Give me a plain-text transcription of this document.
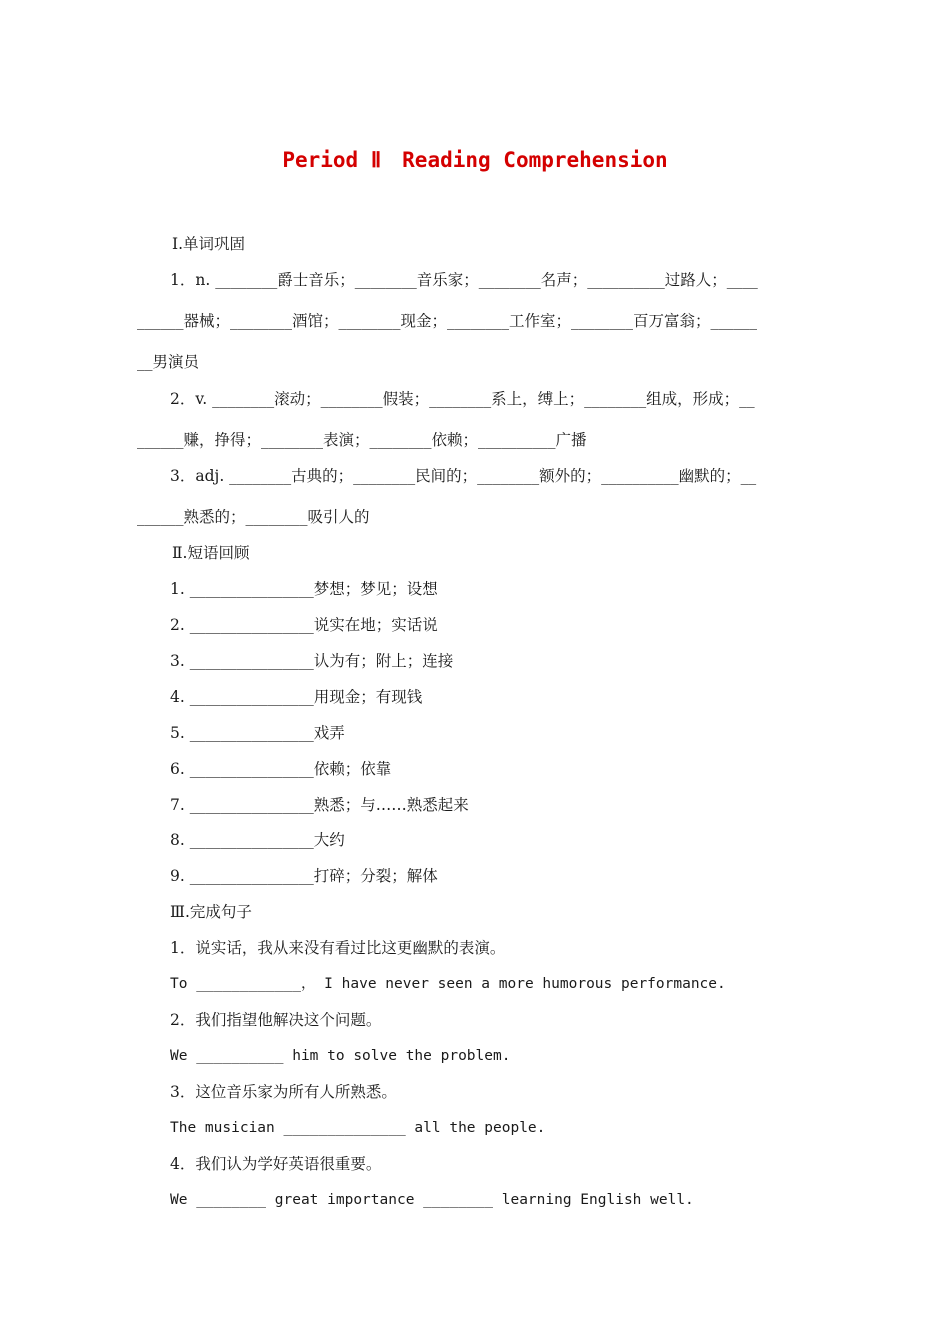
Period Ⅱ　Reading Comprehension
Ⅰ.单词巩固
1．n. ________爵士音乐；________音乐家；________名声；__________过路人；____
______器械；________酒馆；________现金；________工作室；________百万富翁；______
__男演员
2．v. ________滚动；________假装；________系上，缚上；________组成，形成；__
______赚，挣得；________表演；________依赖；__________广播
3．adj. ________古典的；________民间的；________额外的；__________幽默的；__
______熟悉的；________吸引人的
Ⅱ.短语回顾
1. ________________梦想；梦见；设想
2. ________________说实在地；实话说
3. ________________认为有；附上；连接
4. ________________用现金；有现钱
5. ________________戏弄
6. ________________依赖；依靠
7. ________________熟悉；与……熟悉起来
8. ________________大约
9. ________________打碎；分裂；解体
Ⅲ.完成句子
1．说实话，我从来没有看过比这更幽默的表演。
To ____________， I have never seen a more humorous performance.
2．我们指望他解决这个问题。
We __________ him to solve the problem.
3．这位音乐家为所有人所熟悉。
The musician ______________ all the people.
4．我们认为学好英语很重要。
We ________ great importance ________ learning English well.
